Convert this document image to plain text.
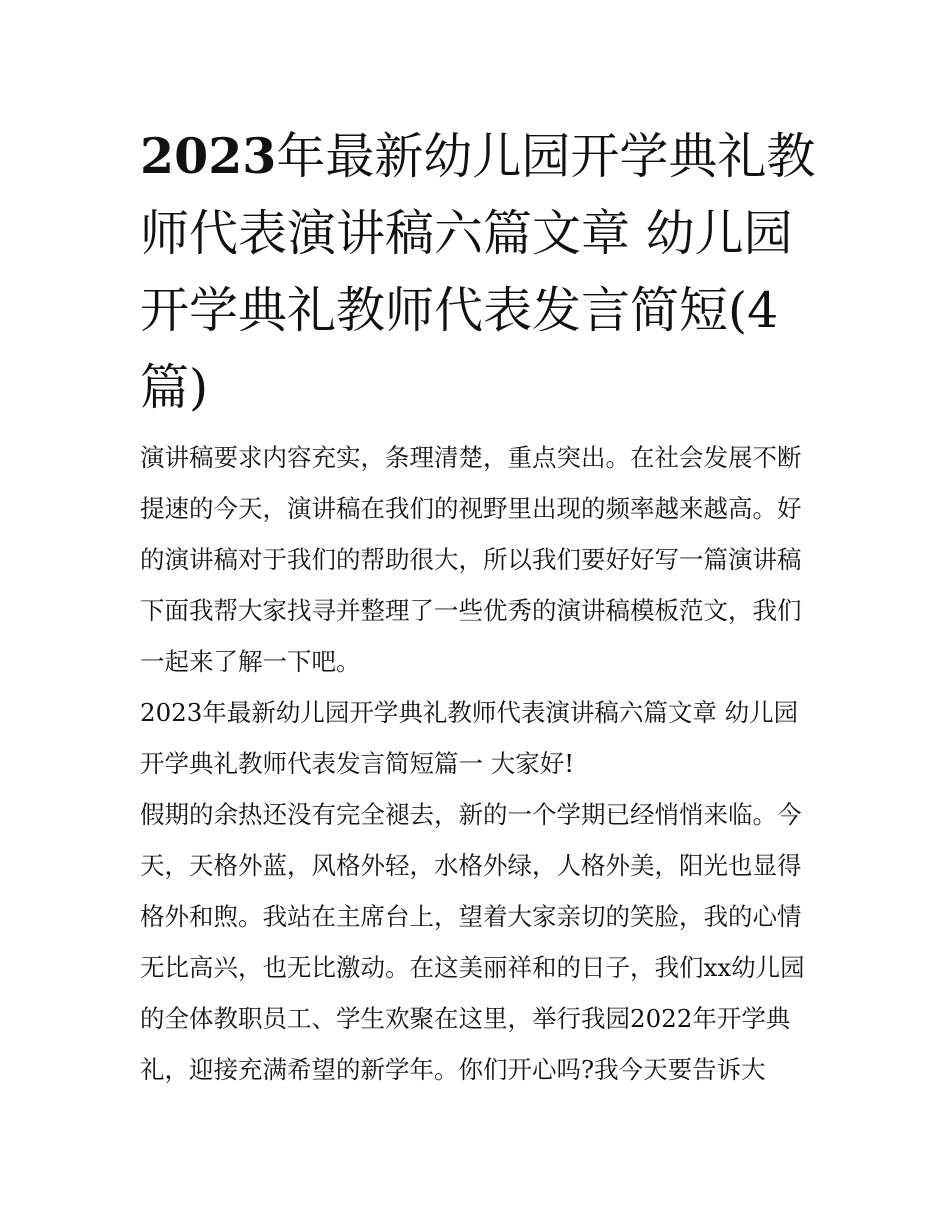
2023年最新幼儿园开学典礼教师代表演讲稿六篇文章 幼儿园开学典礼教师代表发言简短(4篇)

演讲稿要求内容充实，条理清楚，重点突出。在社会发展不断提速的今天，演讲稿在我们的视野里出现的频率越来越高。好的演讲稿对于我们的帮助很大，所以我们要好好写一篇演讲稿下面我帮大家找寻并整理了一些优秀的演讲稿模板范文，我们一起来了解一下吧。

2023年最新幼儿园开学典礼教师代表演讲稿六篇文章 幼儿园开学典礼教师代表发言简短篇一 大家好!

假期的余热还没有完全褪去，新的一个学期已经悄悄来临。今天，天格外蓝，风格外轻，水格外绿，人格外美，阳光也显得格外和煦。我站在主席台上，望着大家亲切的笑脸，我的心情无比高兴，也无比激动。在这美丽祥和的日子，我们xx幼儿园的全体教职员工、学生欢聚在这里，举行我园2022年开学典礼，迎接充满希望的新学年。你们开心吗?我今天要告诉大
